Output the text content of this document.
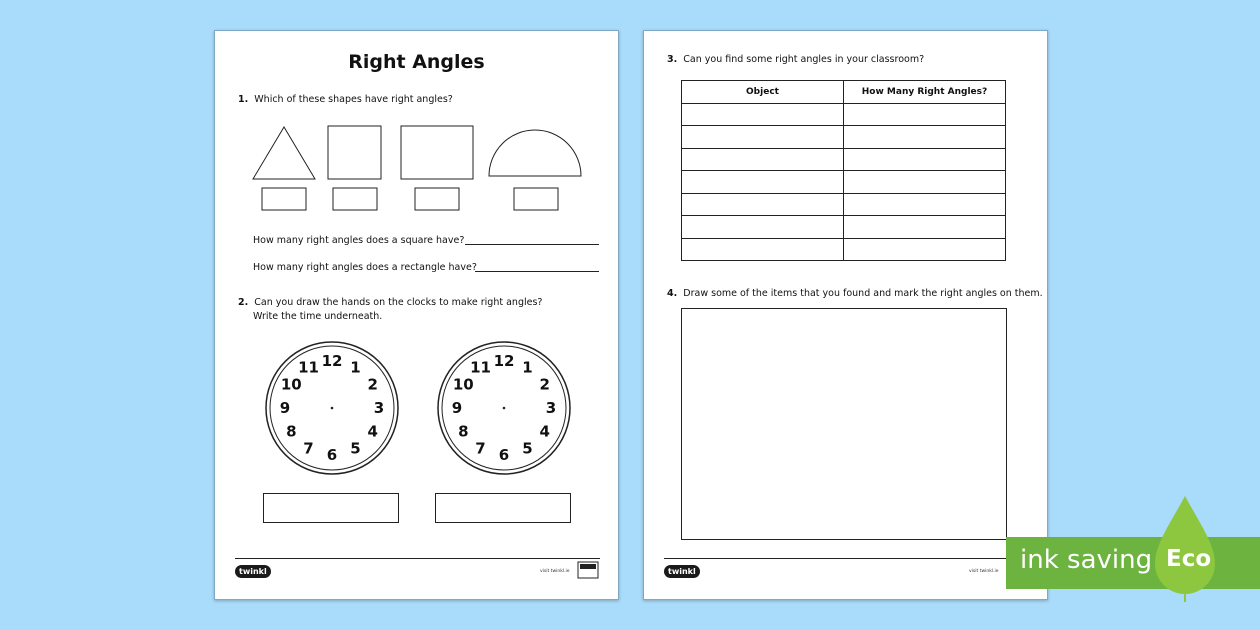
Right Angles
1. Which of these shapes have right angles?
How many right angles does a square have?
How many right angles does a rectangle have?
2. Can you draw the hands on the clocks to make right angles?
Write the time underneath.
12 1
2
3
4
5
6
7
8
9
10
11	12 1
2
3
4
5
6
7
8
9
10
11
twinkl	visit twinkl.ie
3. Can you find some right angles in your classroom?
Object	How Many Right Angles?

4. Draw some of the items that you found and mark the right angles on them.
twinkl	visit twinkl.ie ink saving Eco
